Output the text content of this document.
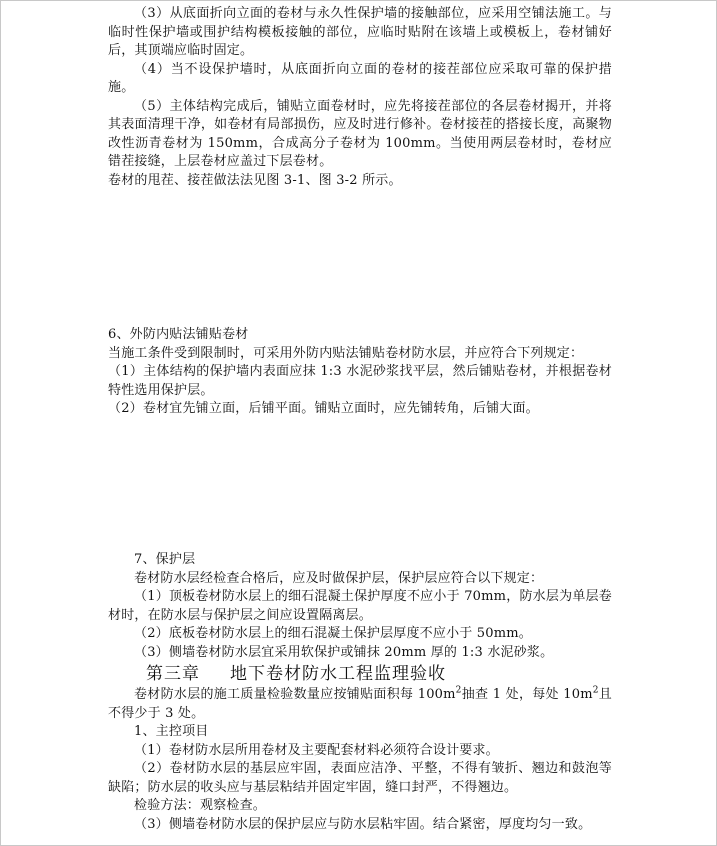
（3）从底面折向立面的卷材与永久性保护墙的接触部位，应采用空铺法施工。与临时性保护墙或围护结构模板接触的部位，应临时贴附在该墙上或模板上，卷材铺好后，其顶端应临时固定。

（4）当不设保护墙时，从底面折向立面的卷材的接茬部位应采取可靠的保护措施。

（5）主体结构完成后，铺贴立面卷材时，应先将接茬部位的各层卷材揭开，并将其表面清理干净，如卷材有局部损伤，应及时进行修补。卷材接茬的搭接长度，高聚物改性沥青卷材为 150mm，合成高分子卷材为 100mm。当使用两层卷材时，卷材应错茬接缝，上层卷材应盖过下层卷材。

卷材的甩茬、接茬做法法见图 3-1、图 3-2 所示。

6、外防内贴法铺贴卷材

当施工条件受到限制时，可采用外防内贴法铺贴卷材防水层，并应符合下列规定：

（1）主体结构的保护墙内表面应抹 1:3 水泥砂浆找平层，然后铺贴卷材，并根据卷材特性选用保护层。

（2）卷材宜先铺立面，后铺平面。铺贴立面时，应先铺转角，后铺大面。

7、保护层

卷材防水层经检查合格后，应及时做保护层，保护层应符合以下规定：

（1）顶板卷材防水层上的细石混凝土保护厚度不应小于 70mm，防水层为单层卷材时，在防水层与保护层之间应设置隔离层。

（2）底板卷材防水层上的细石混凝土保护层厚度不应小于 50mm。

（3）侧墙卷材防水层宜采用软保护或铺抹 20mm 厚的 1:3 水泥砂浆。

第三章 地下卷材防水工程监理验收

卷材防水层的施工质量检验数量应按铺贴面积每 $100m^2$抽查 1 处，每处 $10m^2$且不得少于 3 处。

1、主控项目

（1）卷材防水层所用卷材及主要配套材料必须符合设计要求。

（2）卷材防水层的基层应牢固，表面应洁净、平整，不得有皱折、翘边和鼓泡等缺陷；防水层的收头应与基层粘结并固定牢固，缝口封严，不得翘边。

检验方法：观察检查。

（3）侧墙卷材防水层的保护层应与防水层粘牢固。结合紧密，厚度均匀一致。
